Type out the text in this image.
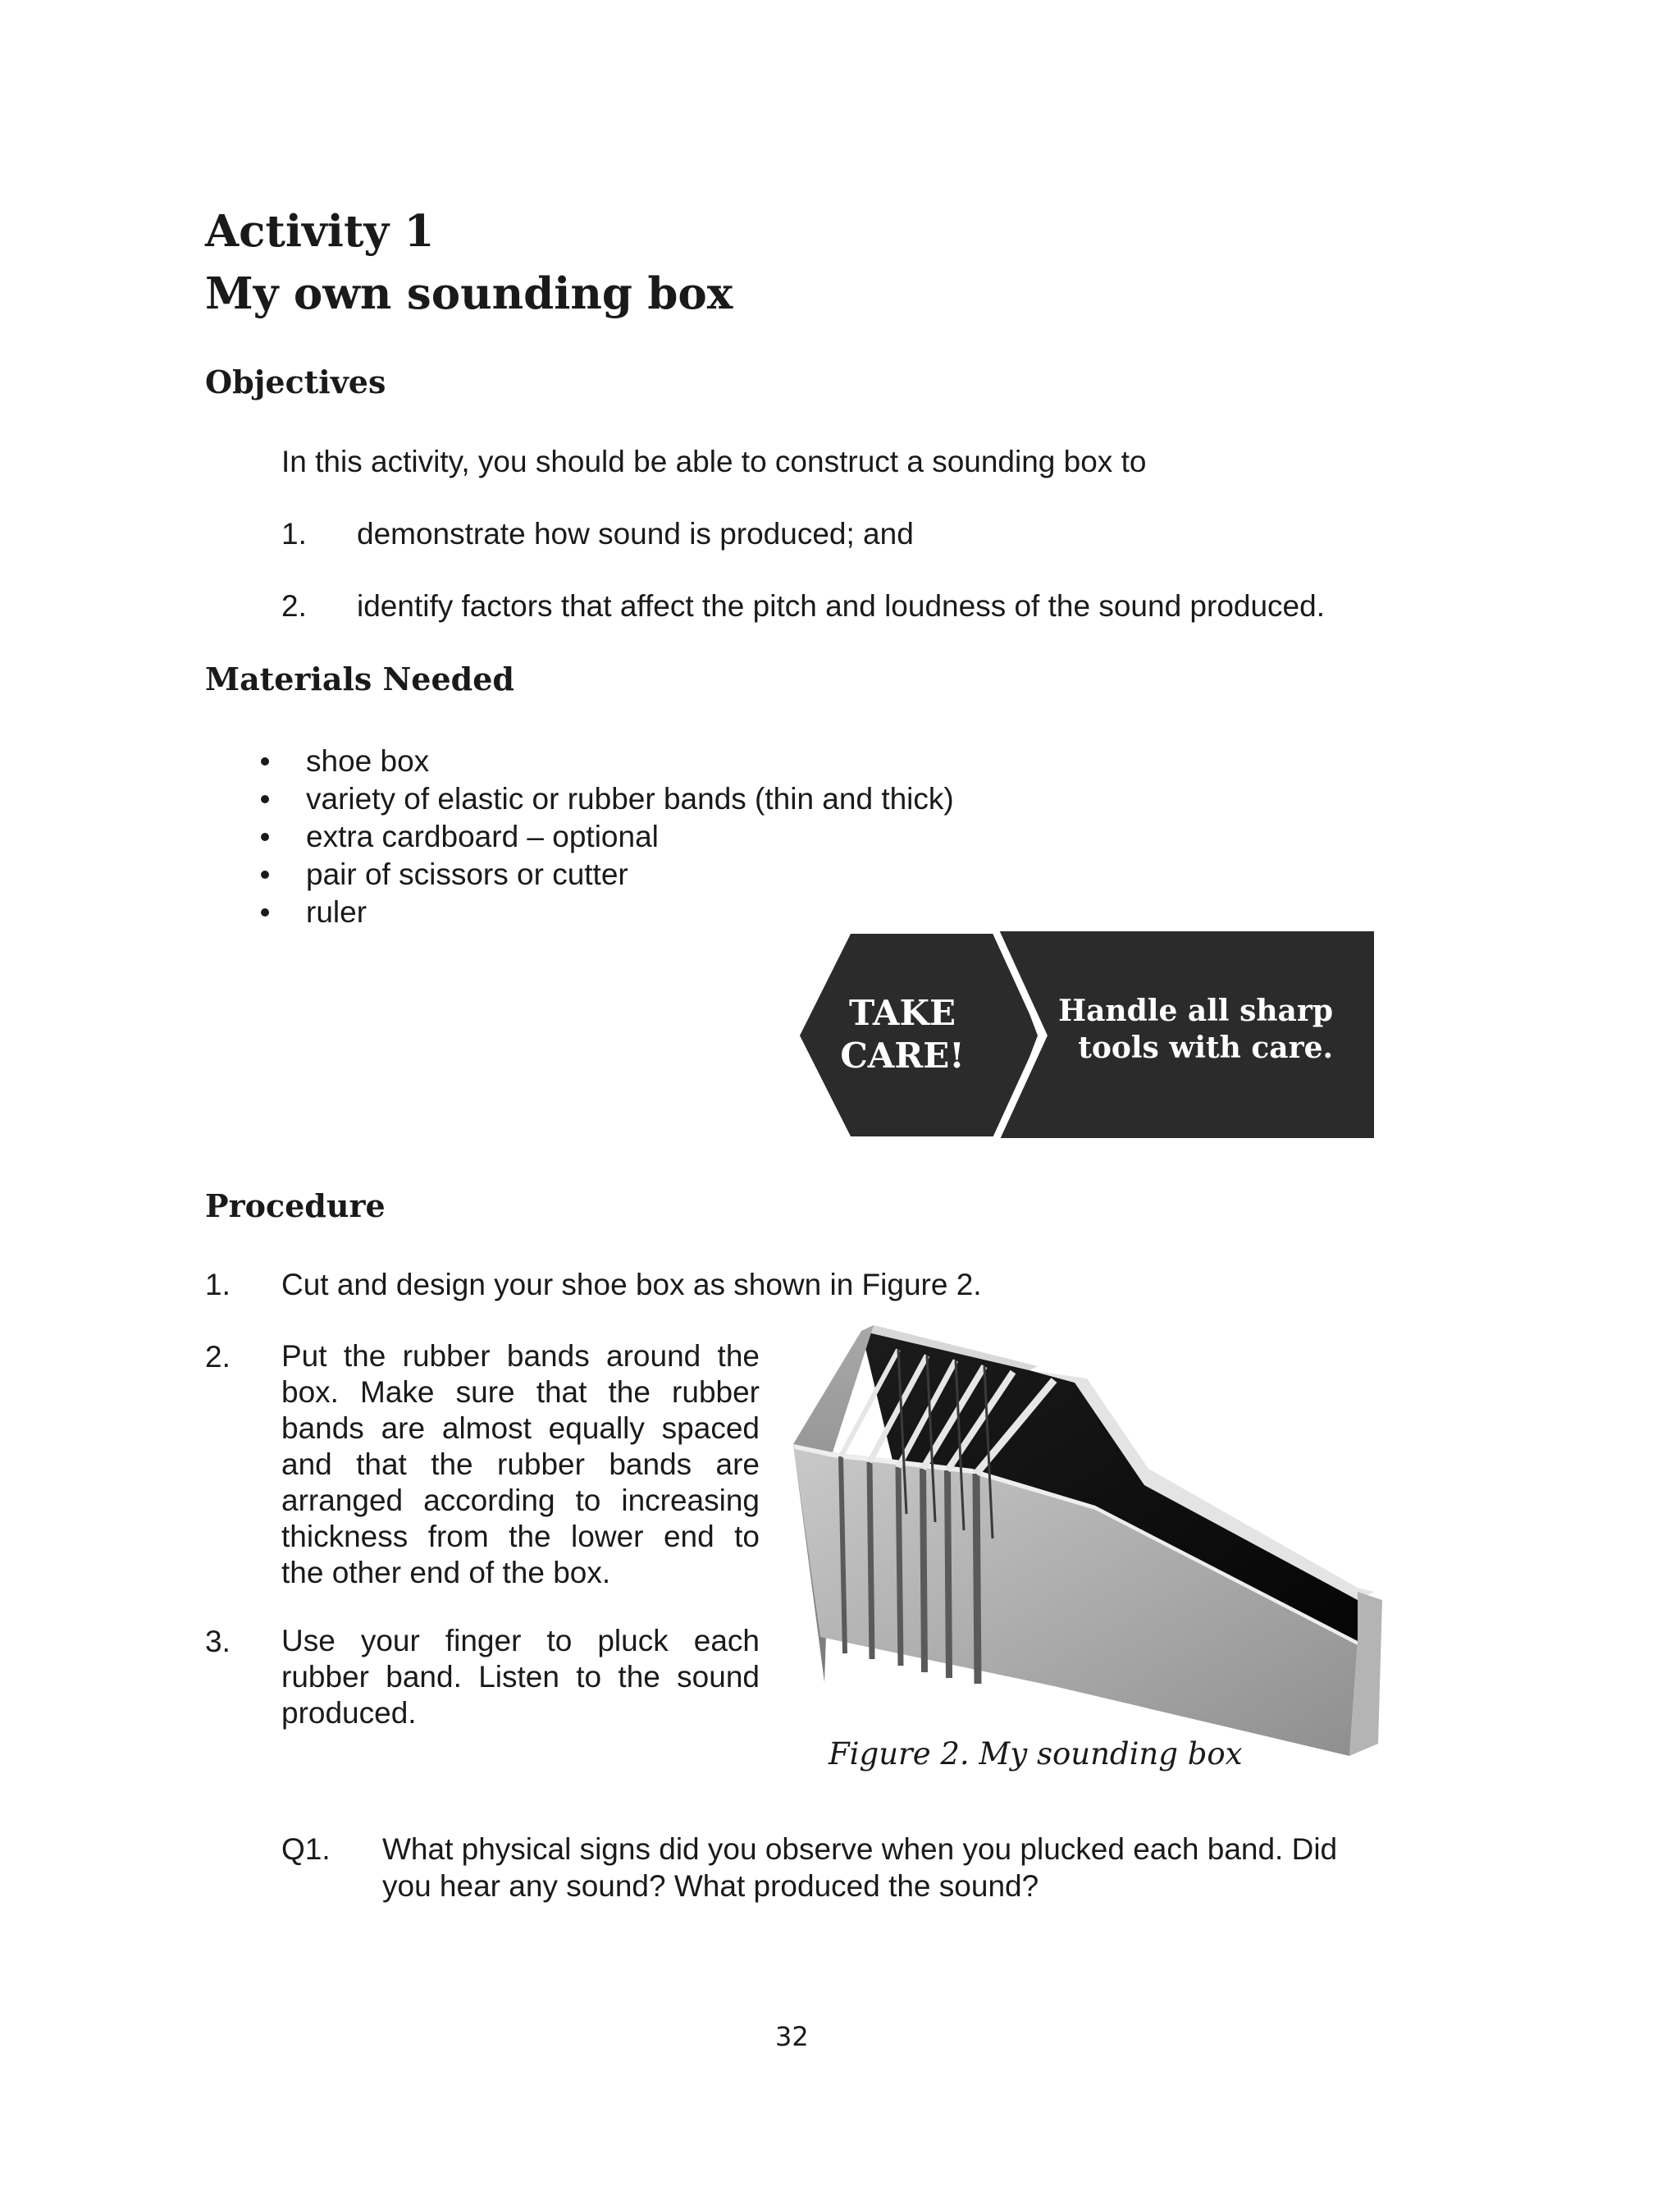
Activity 1
My own sounding box
Objectives
In this activity, you should be able to construct a sounding box to
1. demonstrate how sound is produced; and
2. identify factors that affect the pitch and loudness of the sound produced.
Materials Needed
shoe box
variety of elastic or rubber bands (thin and thick)
extra cardboard – optional
pair of scissors or cutter
ruler
TAKE
CARE!
Handle all sharp
tools with care.
Procedure
1. Cut and design your shoe box as shown in Figure 2.
2. Put the rubber bands around the
box. Make sure that the rubber
bands are almost equally spaced
and that the rubber bands are
arranged according to increasing
thickness from the lower end to
the other end of the box.
3. Use your finger to pluck each
rubber band. Listen to the sound
produced.
Figure 2. My sounding box
Q1. What physical signs did you observe when you plucked each band. Did
you hear any sound? What produced the sound?
32
